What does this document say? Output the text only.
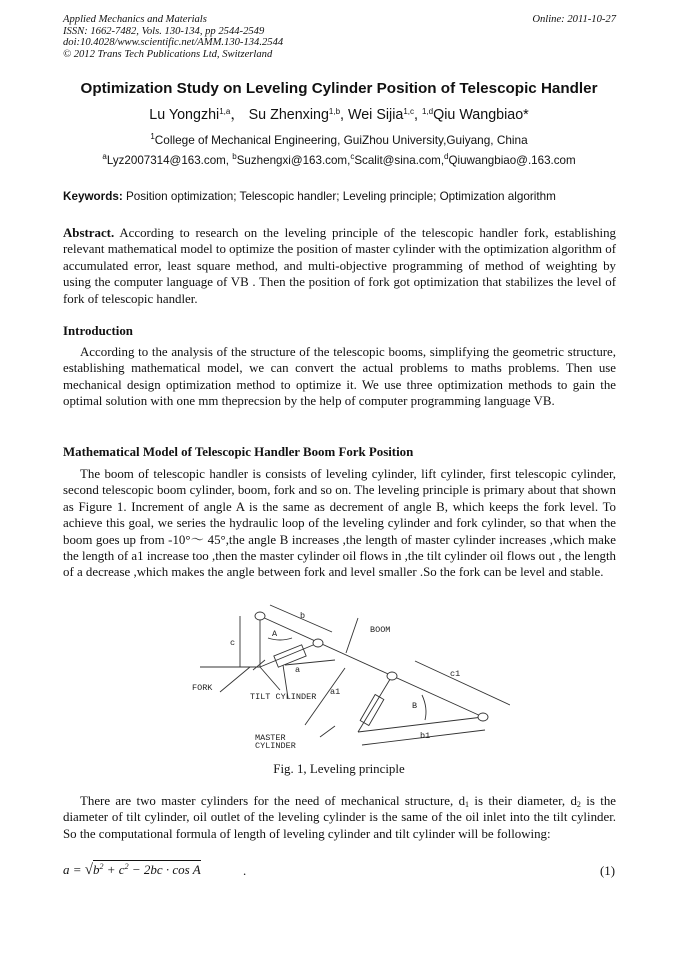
Applied Mechanics and Materials
ISSN: 1662-7482, Vols. 130-134, pp 2544-2549
doi:10.4028/www.scientific.net/AMM.130-134.2544
© 2012 Trans Tech Publications Ltd, Switzerland
Online: 2011-10-27
Optimization Study on Leveling Cylinder Position of Telescopic Handler
Lu Yongzhi$^{1,a}$， Su Zhenxing$^{1,b}$, Wei Sijia$^{1,c}$, $^{1,d}$Qiu Wangbiao*
$^1$College of Mechanical Engineering, GuiZhou University,Guiyang, China
$^a$Lyz2007314@163.com, $^b$Suzhengxi@163.com,$^c$Scalit@sina.com,$^d$Qiuwangbiao@.163.com
Keywords: Position optimization; Telescopic handler; Leveling principle; Optimization algorithm
Abstract. According to research on the leveling principle of the telescopic handler fork, establishing relevant mathematical model to optimize the position of master cylinder with the optimization algorithm of accumulated error, least square method, and multi-objective programming of method of weighting by using the computer language of VB . Then the position of fork got optimization that stabilizes the level of fork of telescopic handler.
Introduction
According to the analysis of the structure of the telescopic booms, simplifying the geometric structure, establishing mathematical model, we can convert the actual problems to maths problems. Then use mechanical design optimization method to optimize it. We use three optimization methods to gain the optimal solution with one mm theprecsion by the help of computer programming language VB.
Mathematical Model of Telescopic Handler Boom Fork Position
The boom of telescopic handler is consists of leveling cylinder, lift cylinder, first telescopic cylinder, second telescopic boom cylinder, boom, fork and so on. The leveling principle is primary about that shown as Figure 1. Increment of angle A is the same as decrement of angle B, which keeps the fork level. To achieve this goal, we series the hydraulic loop of the leveling cylinder and fork cylinder, so that when the boom goes up from -10°～ 45°,the angle B increases ,the length of master cylinder increases ,which make the length of a1 increase too ,then the master cylinder oil flows in ,the tilt cylinder oil flows out , the length of a decrease ,which makes the angle between fork and level smaller .So the fork can be level and stable.
BOOM
FORK
TILT CYLINDER
MASTER
CYLINDER
b
c
a
A
a1
B
c1
b1
Fig. 1, Leveling principle
There are two master cylinders for the need of mechanical structure, $d_1$ is their diameter, $d_2$ is the diameter of tilt cylinder, oil outlet of the leveling cylinder is the same of the oil inlet into the tilt cylinder. So the computational formula of length of leveling cylinder and tilt cylinder will be following:
$a = √b^2 + c^2 - 2bc \cdot \cos A$	.	(1)
